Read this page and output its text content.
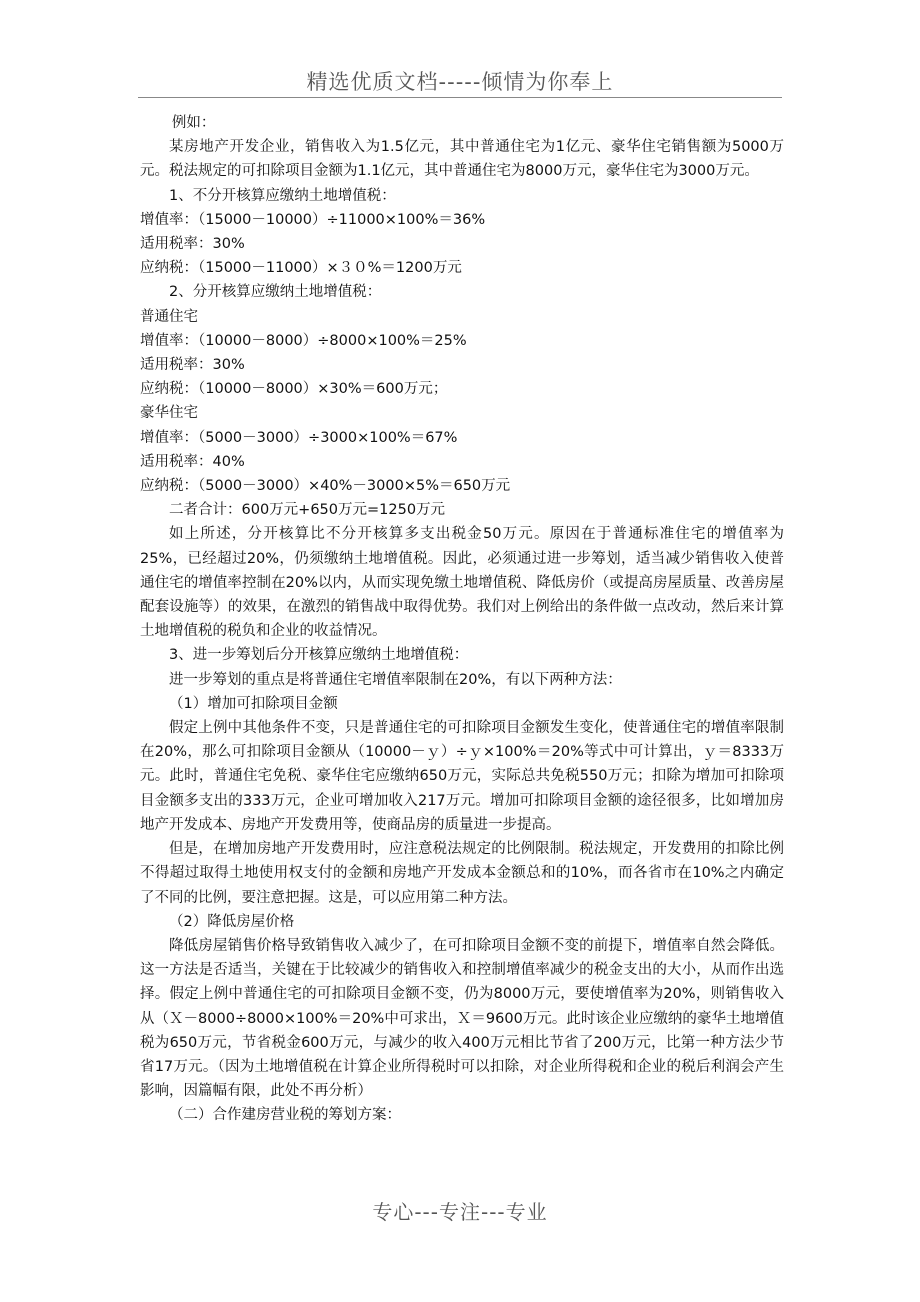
精选优质文档-----倾情为你奉上

例如：

某房地产开发企业，销售收入为1.5亿元，其中普通住宅为1亿元、豪华住宅销售额为5000万元。税法规定的可扣除项目金额为1.1亿元，其中普通住宅为8000万元，豪华住宅为3000万元。

1、不分开核算应缴纳土地增值税：

增值率：（15000－10000）÷11000×100%＝36%

适用税率：30%

应纳税：（15000－11000）×３０%＝1200万元

2、分开核算应缴纳土地增值税：

普通住宅

增值率：（10000－8000）÷8000×100%＝25%

适用税率：30%

应纳税：（10000－8000）×30%＝600万元；

豪华住宅

增值率：（5000－3000）÷3000×100%＝67%

适用税率：40%

应纳税：（5000－3000）×40%－3000×5%＝650万元

二者合计：600万元+650万元=1250万元

如上所述，分开核算比不分开核算多支出税金50万元。原因在于普通标准住宅的增值率为25%，已经超过20%，仍须缴纳土地增值税。因此，必须通过进一步筹划，适当减少销售收入使普通住宅的增值率控制在20%以内，从而实现免缴土地增值税、降低房价（或提高房屋质量、改善房屋配套设施等）的效果，在激烈的销售战中取得优势。我们对上例给出的条件做一点改动，然后来计算土地增值税的税负和企业的收益情况。

3、进一步筹划后分开核算应缴纳土地增值税：

进一步筹划的重点是将普通住宅增值率限制在20%，有以下两种方法：

（1）增加可扣除项目金额

假定上例中其他条件不变，只是普通住宅的可扣除项目金额发生变化，使普通住宅的增值率限制在20%，那么可扣除项目金额从（10000－ｙ）÷ｙ×100%＝20%等式中可计算出，ｙ＝8333万元。此时，普通住宅免税、豪华住宅应缴纳650万元，实际总共免税550万元；扣除为增加可扣除项目金额多支出的333万元，企业可增加收入217万元。增加可扣除项目金额的途径很多，比如增加房地产开发成本、房地产开发费用等，使商品房的质量进一步提高。

但是，在增加房地产开发费用时，应注意税法规定的比例限制。税法规定，开发费用的扣除比例不得超过取得土地使用权支付的金额和房地产开发成本金额总和的10%，而各省市在10%之内确定了不同的比例，要注意把握。这是，可以应用第二种方法。

（2）降低房屋价格

降低房屋销售价格导致销售收入减少了，在可扣除项目金额不变的前提下，增值率自然会降低。这一方法是否适当，关键在于比较减少的销售收入和控制增值率减少的税金支出的大小，从而作出选择。假定上例中普通住宅的可扣除项目金额不变，仍为8000万元，要使增值率为20%，则销售收入从（Ｘ－8000÷8000×100%＝20%中可求出，Ｘ＝9600万元。此时该企业应缴纳的豪华土地增值税为650万元，节省税金600万元，与减少的收入400万元相比节省了200万元，比第一种方法少节省17万元。（因为土地增值税在计算企业所得税时可以扣除，对企业所得税和企业的税后利润会产生影响，因篇幅有限，此处不再分析）

（二）合作建房营业税的筹划方案：

专心---专注---专业
